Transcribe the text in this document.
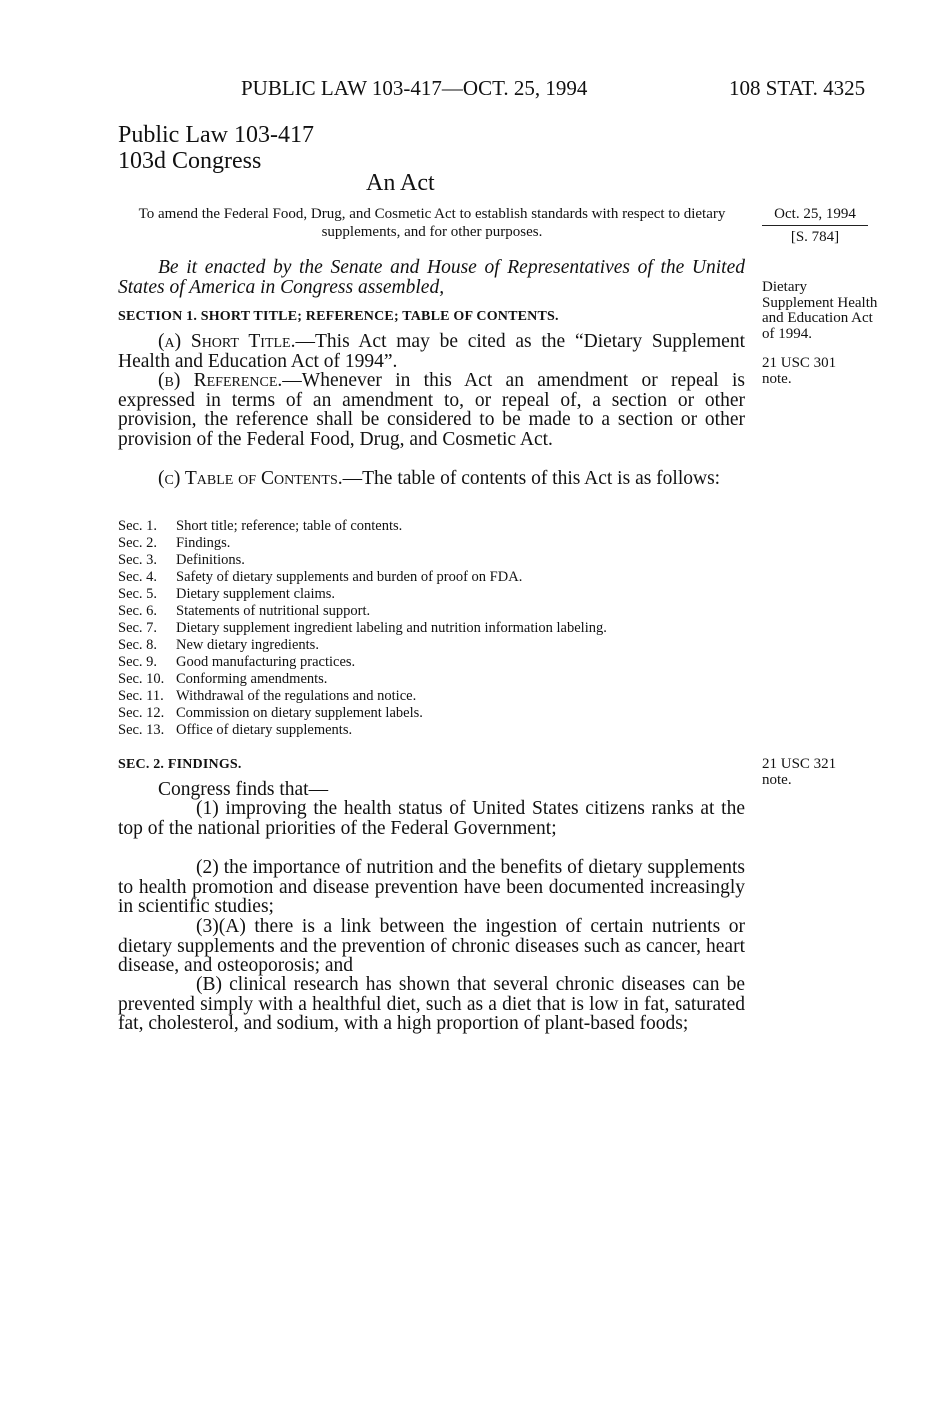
PUBLIC LAW 103-417—OCT. 25, 1994	108 STAT. 4325
Public Law 103-417
103d Congress
An Act
To amend the Federal Food, Drug, and Cosmetic Act to establish standards with respect to dietary supplements, and for other purposes.
Oct. 25, 1994
[S. 784]
Be it enacted by the Senate and House of Representatives of the United States of America in Congress assembled,	Dietary Supplement Health and Education Act of 1994.
21 USC 301 note.
SECTION 1. SHORT TITLE; REFERENCE; TABLE OF CONTENTS.
(a) Short Title.—This Act may be cited as the “Dietary Supplement Health and Education Act of 1994”.
(b) Reference.—Whenever in this Act an amendment or repeal is expressed in terms of an amendment to, or repeal of, a section or other provision, the reference shall be considered to be made to a section or other provision of the Federal Food, Drug, and Cosmetic Act.
(c) Table of Contents.—The table of contents of this Act is as follows:
Sec. 1. Short title; reference; table of contents.
Sec. 2. Findings.
Sec. 3. Definitions.
Sec. 4. Safety of dietary supplements and burden of proof on FDA.
Sec. 5. Dietary supplement claims.
Sec. 6. Statements of nutritional support.
Sec. 7. Dietary supplement ingredient labeling and nutrition information labeling.
Sec. 8. New dietary ingredients.
Sec. 9. Good manufacturing practices.
Sec. 10. Conforming amendments.
Sec. 11. Withdrawal of the regulations and notice.
Sec. 12. Commission on dietary supplement labels.
Sec. 13. Office of dietary supplements.
SEC. 2. FINDINGS.	21 USC 321 note.
Congress finds that—
(1) improving the health status of United States citizens ranks at the top of the national priorities of the Federal Government;
(2) the importance of nutrition and the benefits of dietary supplements to health promotion and disease prevention have been documented increasingly in scientific studies;
(3)(A) there is a link between the ingestion of certain nutrients or dietary supplements and the prevention of chronic diseases such as cancer, heart disease, and osteoporosis; and
(B) clinical research has shown that several chronic diseases can be prevented simply with a healthful diet, such as a diet that is low in fat, saturated fat, cholesterol, and sodium, with a high proportion of plant-based foods;
